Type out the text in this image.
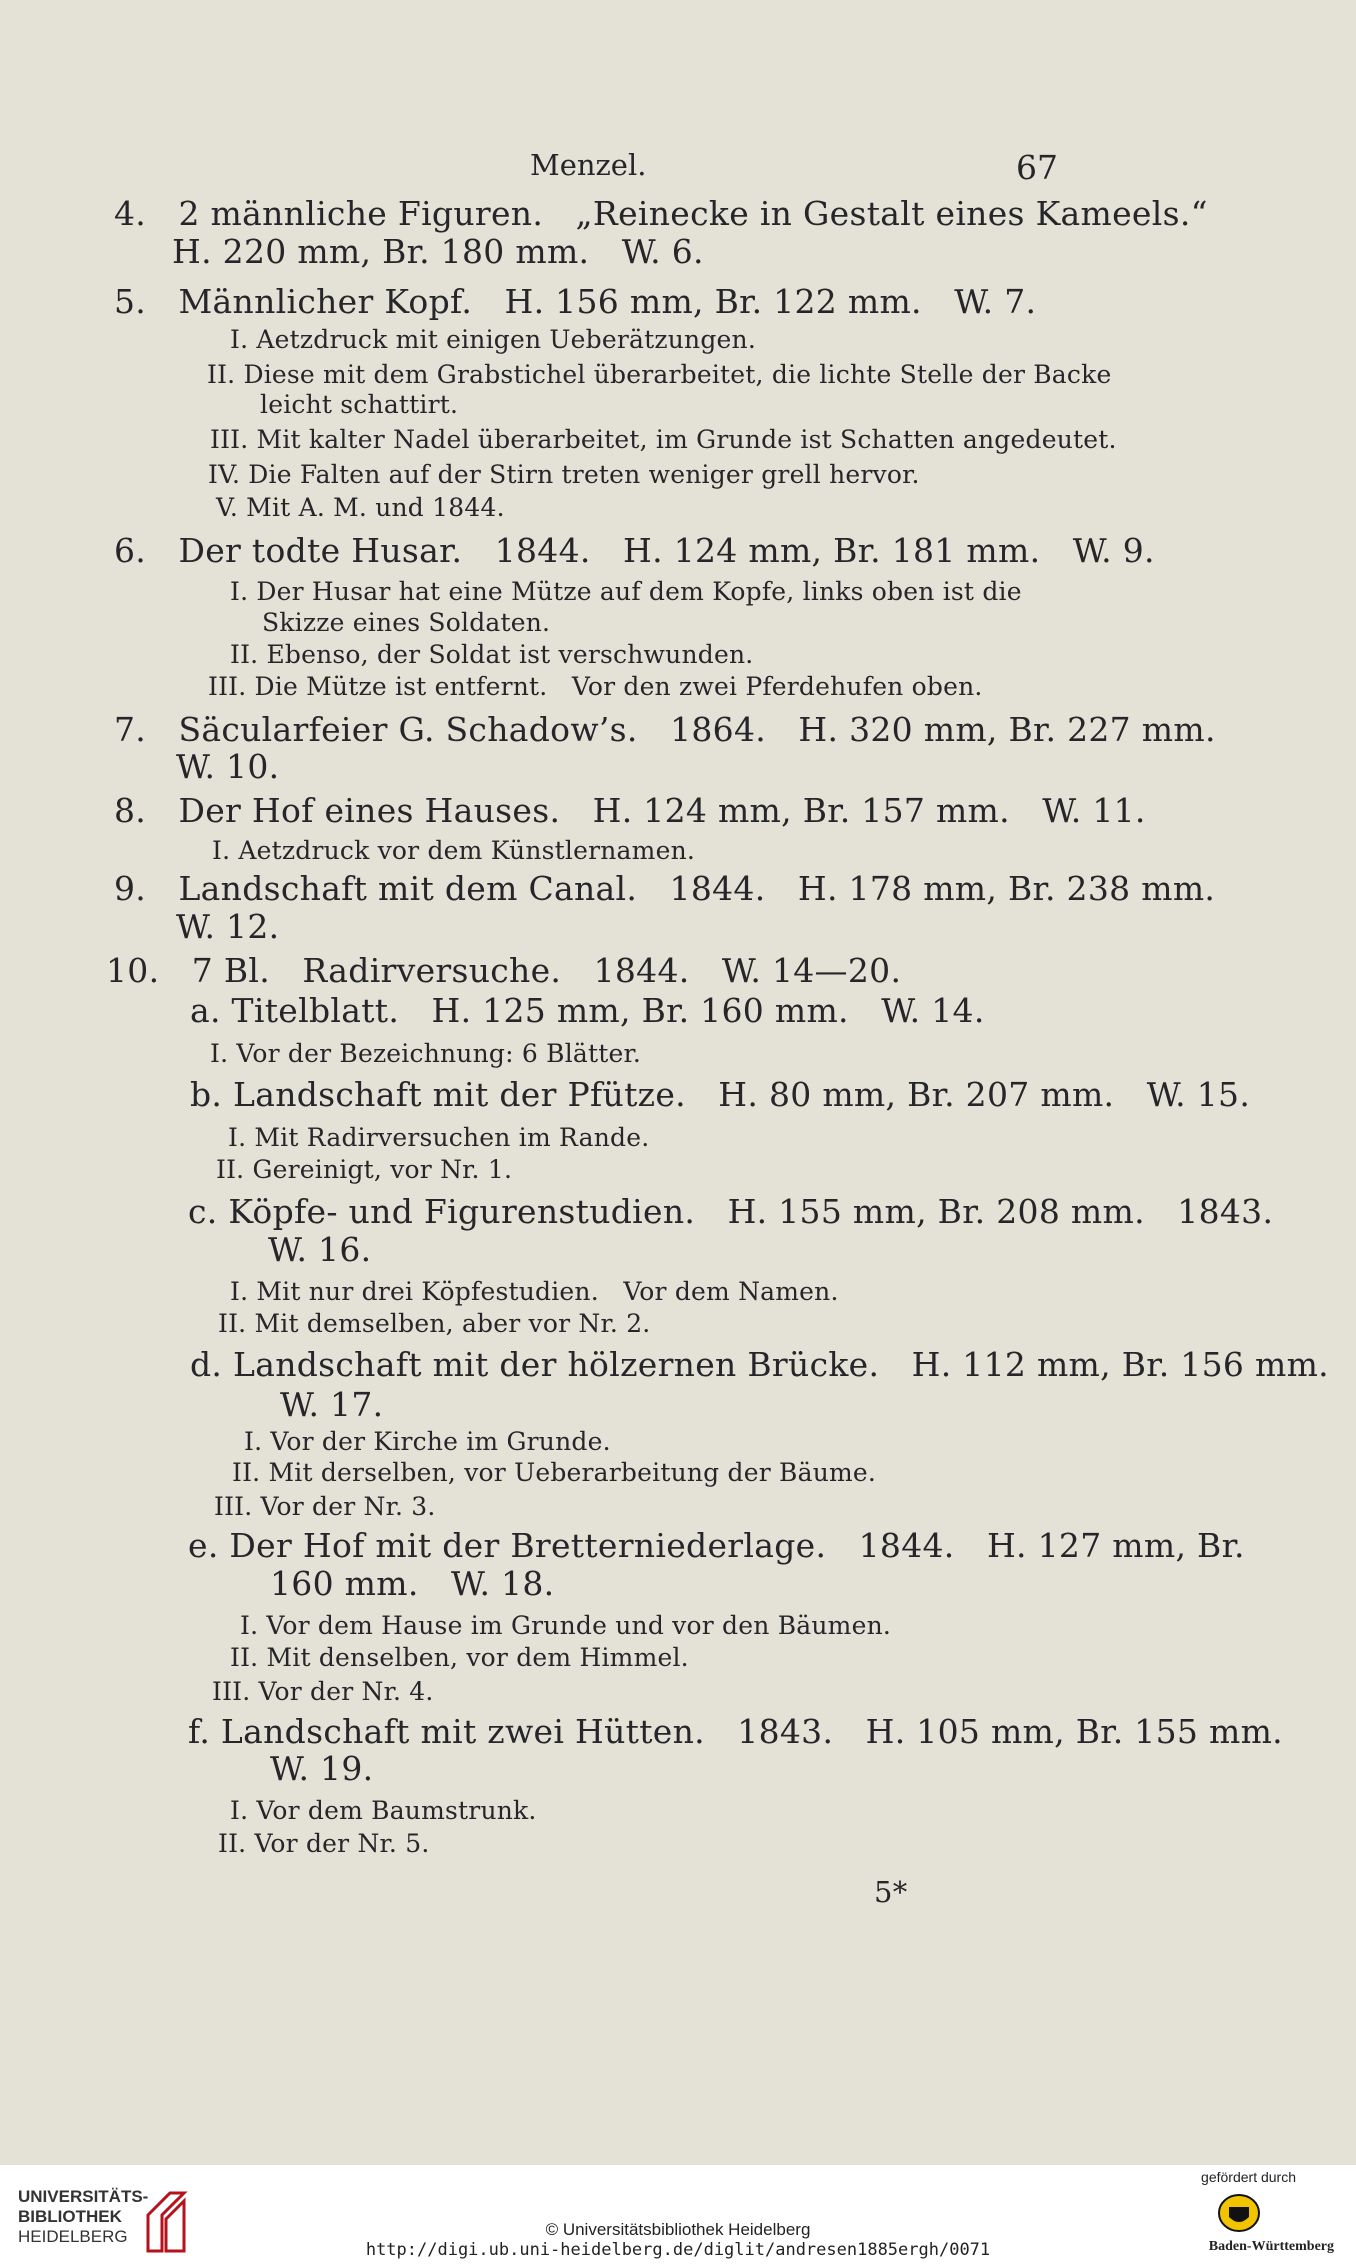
Menzel.	67
4.   2 männliche Figuren.   „Reinecke in Gestalt eines Kameels.“
H. 220 mm, Br. 180 mm.   W. 6.
5.   Männlicher Kopf.   H. 156 mm, Br. 122 mm.   W. 7.
I. Aetzdruck mit einigen Ueberätzungen.
II. Diese mit dem Grabstichel überarbeitet, die lichte Stelle der Backe
leicht schattirt.
III. Mit kalter Nadel überarbeitet, im Grunde ist Schatten angedeutet.
IV. Die Falten auf der Stirn treten weniger grell hervor.
V. Mit A. M. und 1844.
6.   Der todte Husar.   1844.   H. 124 mm, Br. 181 mm.   W. 9.
I. Der Husar hat eine Mütze auf dem Kopfe, links oben ist die
Skizze eines Soldaten.
II. Ebenso, der Soldat ist verschwunden.
III. Die Mütze ist entfernt.   Vor den zwei Pferdehufen oben.
7.   Säcularfeier G. Schadow’s.   1864.   H. 320 mm, Br. 227 mm.
W. 10.
8.   Der Hof eines Hauses.   H. 124 mm, Br. 157 mm.   W. 11.
I. Aetzdruck vor dem Künstlernamen.
9.   Landschaft mit dem Canal.   1844.   H. 178 mm, Br. 238 mm.
W. 12.
10.   7 Bl.   Radirversuche.   1844.   W. 14—20.
a. Titelblatt.   H. 125 mm, Br. 160 mm.   W. 14.
I. Vor der Bezeichnung: 6 Blätter.
b. Landschaft mit der Pfütze.   H. 80 mm, Br. 207 mm.   W. 15.
I. Mit Radirversuchen im Rande.
II. Gereinigt, vor Nr. 1.
c. Köpfe- und Figurenstudien.   H. 155 mm, Br. 208 mm.   1843.
W. 16.
I. Mit nur drei Köpfestudien.   Vor dem Namen.
II. Mit demselben, aber vor Nr. 2.
d. Landschaft mit der hölzernen Brücke.   H. 112 mm, Br. 156 mm.
W. 17.
I. Vor der Kirche im Grunde.
II. Mit derselben, vor Ueberarbeitung der Bäume.
III. Vor der Nr. 3.
e. Der Hof mit der Bretterniederlage.   1844.   H. 127 mm, Br.
160 mm.   W. 18.
I. Vor dem Hause im Grunde und vor den Bäumen.
II. Mit denselben, vor dem Himmel.
III. Vor der Nr. 4.
f. Landschaft mit zwei Hütten.   1843.   H. 105 mm, Br. 155 mm.
W. 19.
I. Vor dem Baumstrunk.
II. Vor der Nr. 5.
5*
UNIVERSITÄTS-
BIBLIOTHEK
HEIDELBERG	© Universitätsbibliothek Heidelberg
http://digi.ub.uni-heidelberg.de/diglit/andresen1885ergh/0071
gefördert durch
Baden-Württemberg
